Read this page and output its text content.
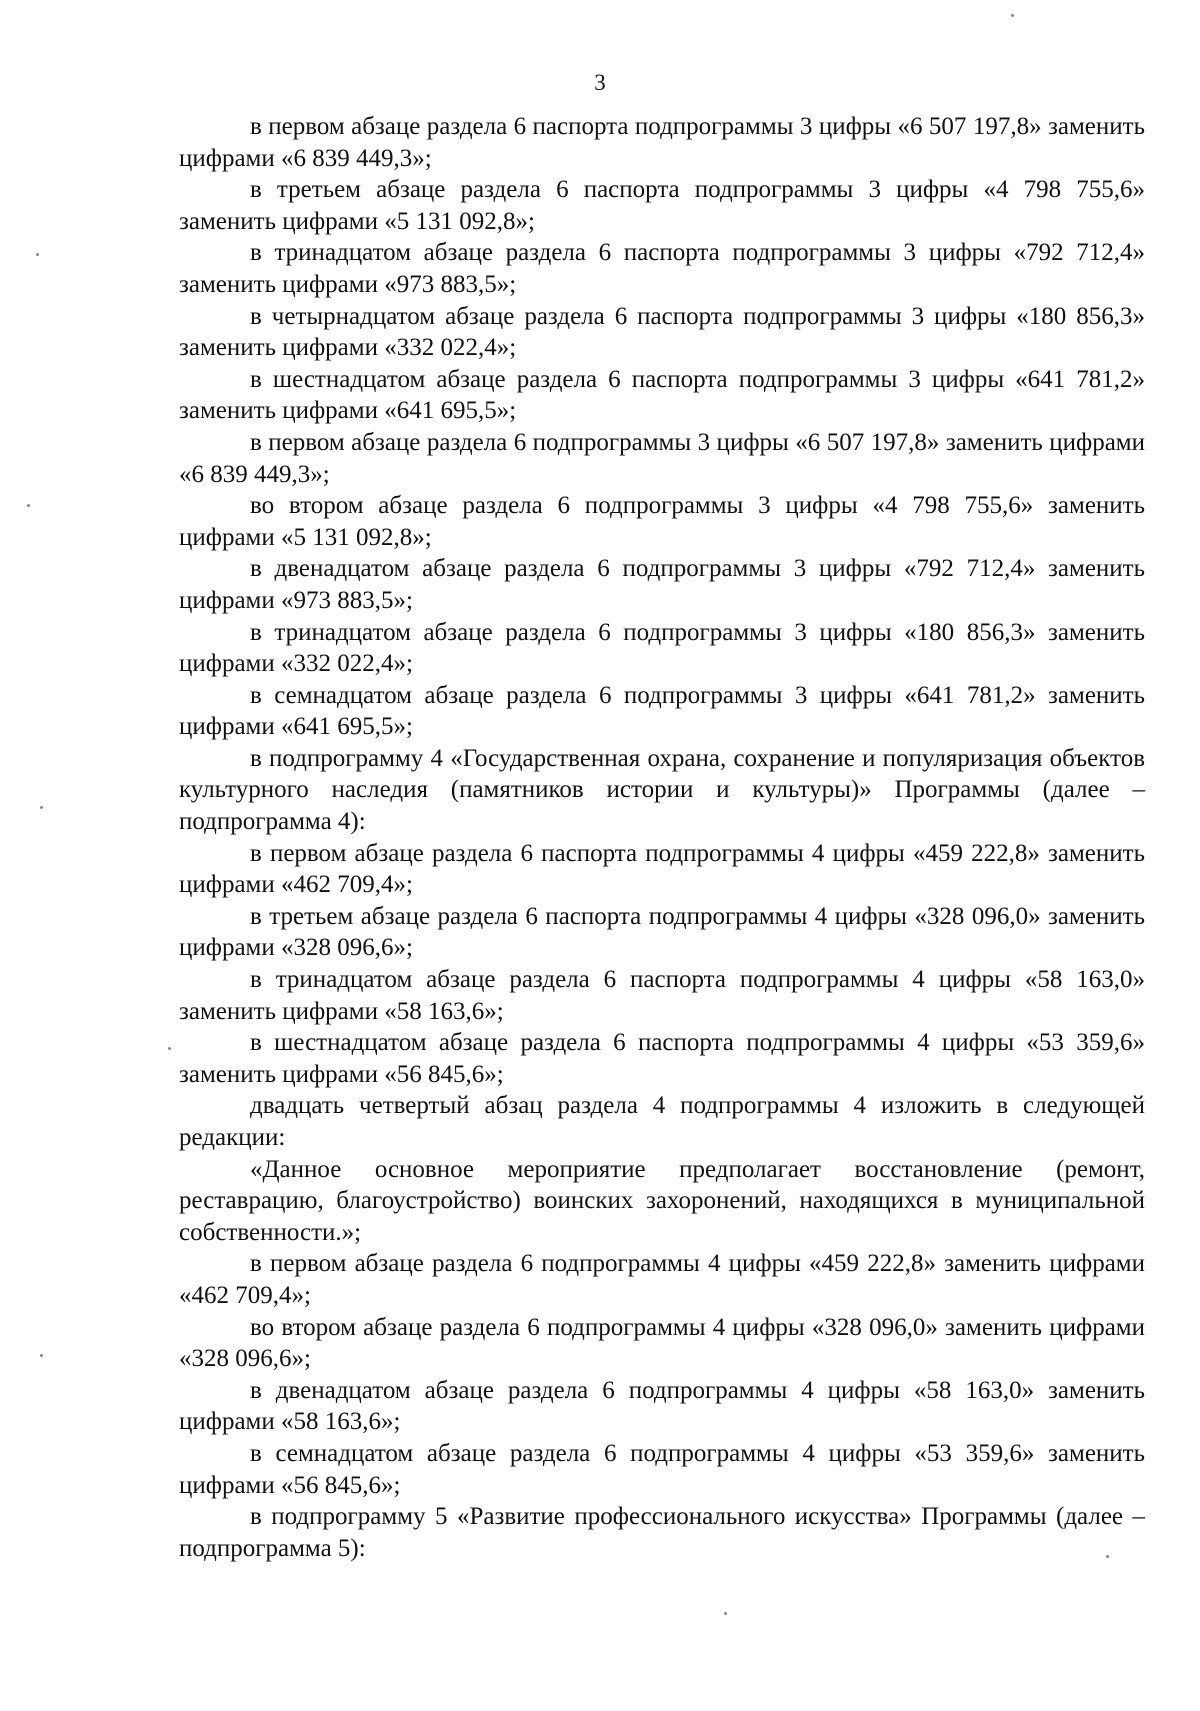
3

в первом абзаце раздела 6 паспорта подпрограммы 3 цифры «6 507 197,8» заменить цифрами «6 839 449,3»;

в третьем абзаце раздела 6 паспорта подпрограммы 3 цифры «4 798 755,6» заменить цифрами «5 131 092,8»;

в тринадцатом абзаце раздела 6 паспорта подпрограммы 3 цифры «792 712,4» заменить цифрами «973 883,5»;

в четырнадцатом абзаце раздела 6 паспорта подпрограммы 3 цифры «180 856,3» заменить цифрами «332 022,4»;

в шестнадцатом абзаце раздела 6 паспорта подпрограммы 3 цифры «641 781,2» заменить цифрами «641 695,5»;

в первом абзаце раздела 6 подпрограммы 3 цифры «6 507 197,8» заменить цифрами «6 839 449,3»;

во втором абзаце раздела 6 подпрограммы 3 цифры «4 798 755,6» заменить цифрами «5 131 092,8»;

в двенадцатом абзаце раздела 6 подпрограммы 3 цифры «792 712,4» заменить цифрами «973 883,5»;

в тринадцатом абзаце раздела 6 подпрограммы 3 цифры «180 856,3» заменить цифрами «332 022,4»;

в семнадцатом абзаце раздела 6 подпрограммы 3 цифры «641 781,2» заменить цифрами «641 695,5»;

в подпрограмму 4 «Государственная охрана, сохранение и популяризация объектов культурного наследия (памятников истории и культуры)» Программы (далее – подпрограмма 4):

в первом абзаце раздела 6 паспорта подпрограммы 4 цифры «459 222,8» заменить цифрами «462 709,4»;

в третьем абзаце раздела 6 паспорта подпрограммы 4 цифры «328 096,0» заменить цифрами «328 096,6»;

в тринадцатом абзаце раздела 6 паспорта подпрограммы 4 цифры «58 163,0» заменить цифрами «58 163,6»;

в шестнадцатом абзаце раздела 6 паспорта подпрограммы 4 цифры «53 359,6» заменить цифрами «56 845,6»;

двадцать четвертый абзац раздела 4 подпрограммы 4 изложить в следующей редакции:

«Данное основное мероприятие предполагает восстановление (ремонт, реставрацию, благоустройство) воинских захоронений, находящихся в муниципальной собственности.»;

в первом абзаце раздела 6 подпрограммы 4 цифры «459 222,8» заменить цифрами «462 709,4»;

во втором абзаце раздела 6 подпрограммы 4 цифры «328 096,0» заменить цифрами «328 096,6»;

в двенадцатом абзаце раздела 6 подпрограммы 4 цифры «58 163,0» заменить цифрами «58 163,6»;

в семнадцатом абзаце раздела 6 подпрограммы 4 цифры «53 359,6» заменить цифрами «56 845,6»;

в подпрограмму 5 «Развитие профессионального искусства» Программы (далее – подпрограмма 5):
